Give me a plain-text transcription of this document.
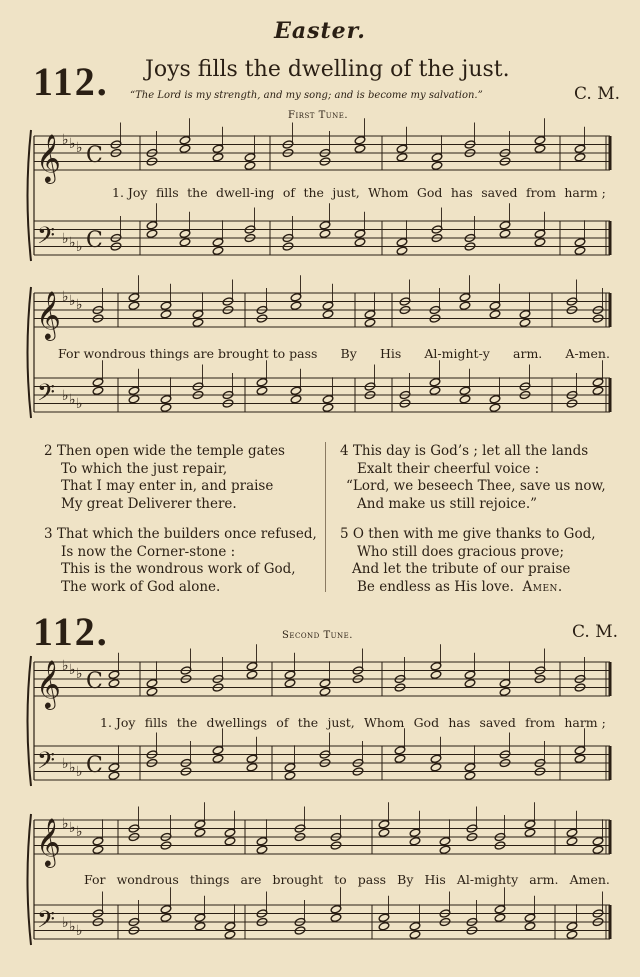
Easter.
112. Joys fills the dwelling of the just.
“The Lord is my strength, and my song; and is become my salvation.”	C. M.
First Tune.
𝄞
𝄢
𝄞
𝄢
𝄞
𝄢
𝄞
𝄢
♭ ♭ ♭ C
♭ ♭ ♭ C
♭ ♭ ♭
♭ ♭ ♭
♭ ♭ ♭ C
♭ ♭ ♭ C
♭ ♭ ♭
♭ ♭ ♭
1. Joy fills the dwell-ing of the just, Whom God has saved from harm ;
For wondrous things are brought to pass By His Al-might-y arm. A-men.
2 Then open wide the temple gates
To which the just repair,
That I may enter in, and praise
My great Deliverer there.
3 That which the builders once refused,
Is now the Corner-stone :
This is the wondrous work of God,
The work of God alone.
4 This day is God’s ; let all the lands
Exalt their cheerful voice :
“Lord, we beseech Thee, save us now,
And make us still rejoice.”
5 O then with me give thanks to God,
Who still does gracious prove;
And let the tribute of our praise
Be endless as His love. Amen.
112.	Second Tune.	C. M.
1. Joy fills the dwellings of the just, Whom God has saved from harm ;
For wondrous things are brought to pass By His Al-mighty arm. Amen.
